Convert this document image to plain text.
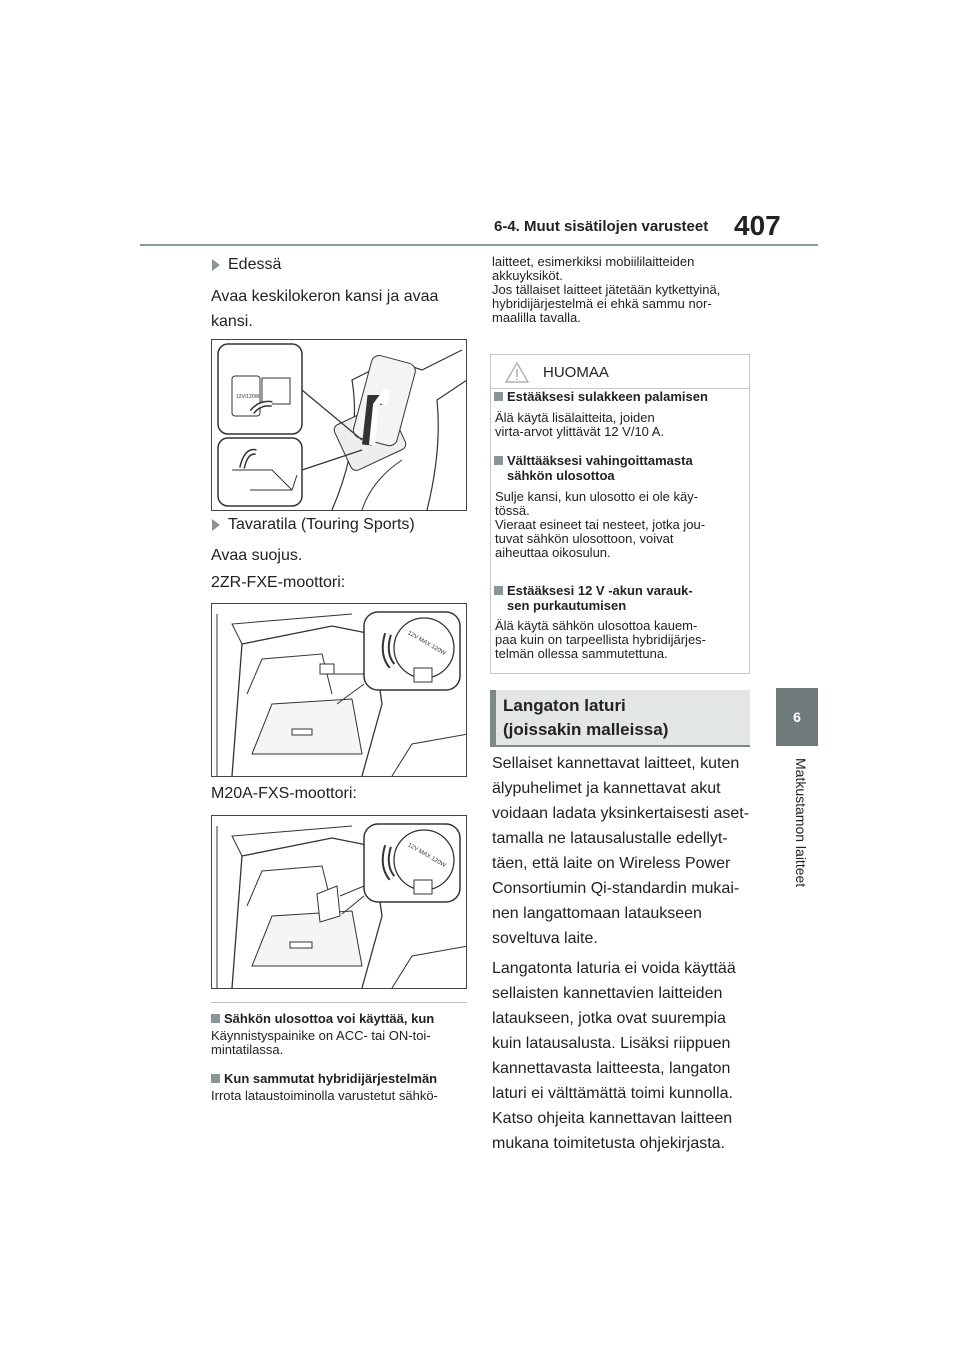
6-4. Muut sisätilojen varusteet 407
6
Matkustamon laitteet
Edessä
Avaa keskilokeron kansi ja avaa
kansi.
12V/120W
Tavaratila (Touring Sports)
Avaa suojus.
2ZR-FXE-moottori:
12V MAX 120W
M20A-FXS-moottori:
12V MAX 120W
Sähkön ulosottoa voi käyttää, kun
Käynnistyspainike on ACC- tai ON-toi-
mintatilassa.
Kun sammutat hybridijärjestelmän
Irrota lataustoiminolla varustetut sähkö-
laitteet, esimerkiksi mobiililaitteiden
akkuyksiköt.
Jos tällaiset laitteet jätetään kytkettyinä,
hybridijärjestelmä ei ehkä sammu nor-
maalilla tavalla.
HUOMAA
Estääksesi sulakkeen palamisen
Älä käytä lisälaitteita, joiden
virta-arvot ylittävät 12 V/10 A.
Välttääksesi vahingoittamasta
sähkön ulosottoa
Sulje kansi, kun ulosotto ei ole käy-
tössä.
Vieraat esineet tai nesteet, jotka jou-
tuvat sähkön ulosottoon, voivat
aiheuttaa oikosulun.
Estääksesi 12 V -akun varauk-
sen purkautumisen
Älä käytä sähkön ulosottoa kauem-
paa kuin on tarpeellista hybridijärjes-
telmän ollessa sammutettuna.
Langaton laturi
(joissakin malleissa)
Sellaiset kannettavat laitteet, kuten
älypuhelimet ja kannettavat akut
voidaan ladata yksinkertaisesti aset-
tamalla ne latausalustalle edellyt-
täen, että laite on Wireless Power
Consortiumin Qi-standardin mukai-
nen langattomaan lataukseen
soveltuva laite.
Langatonta laturia ei voida käyttää
sellaisten kannettavien laitteiden
lataukseen, jotka ovat suurempia
kuin latausalusta. Lisäksi riippuen
kannettavasta laitteesta, langaton
laturi ei välttämättä toimi kunnolla.
Katso ohjeita kannettavan laitteen
mukana toimitetusta ohjekirjasta.
